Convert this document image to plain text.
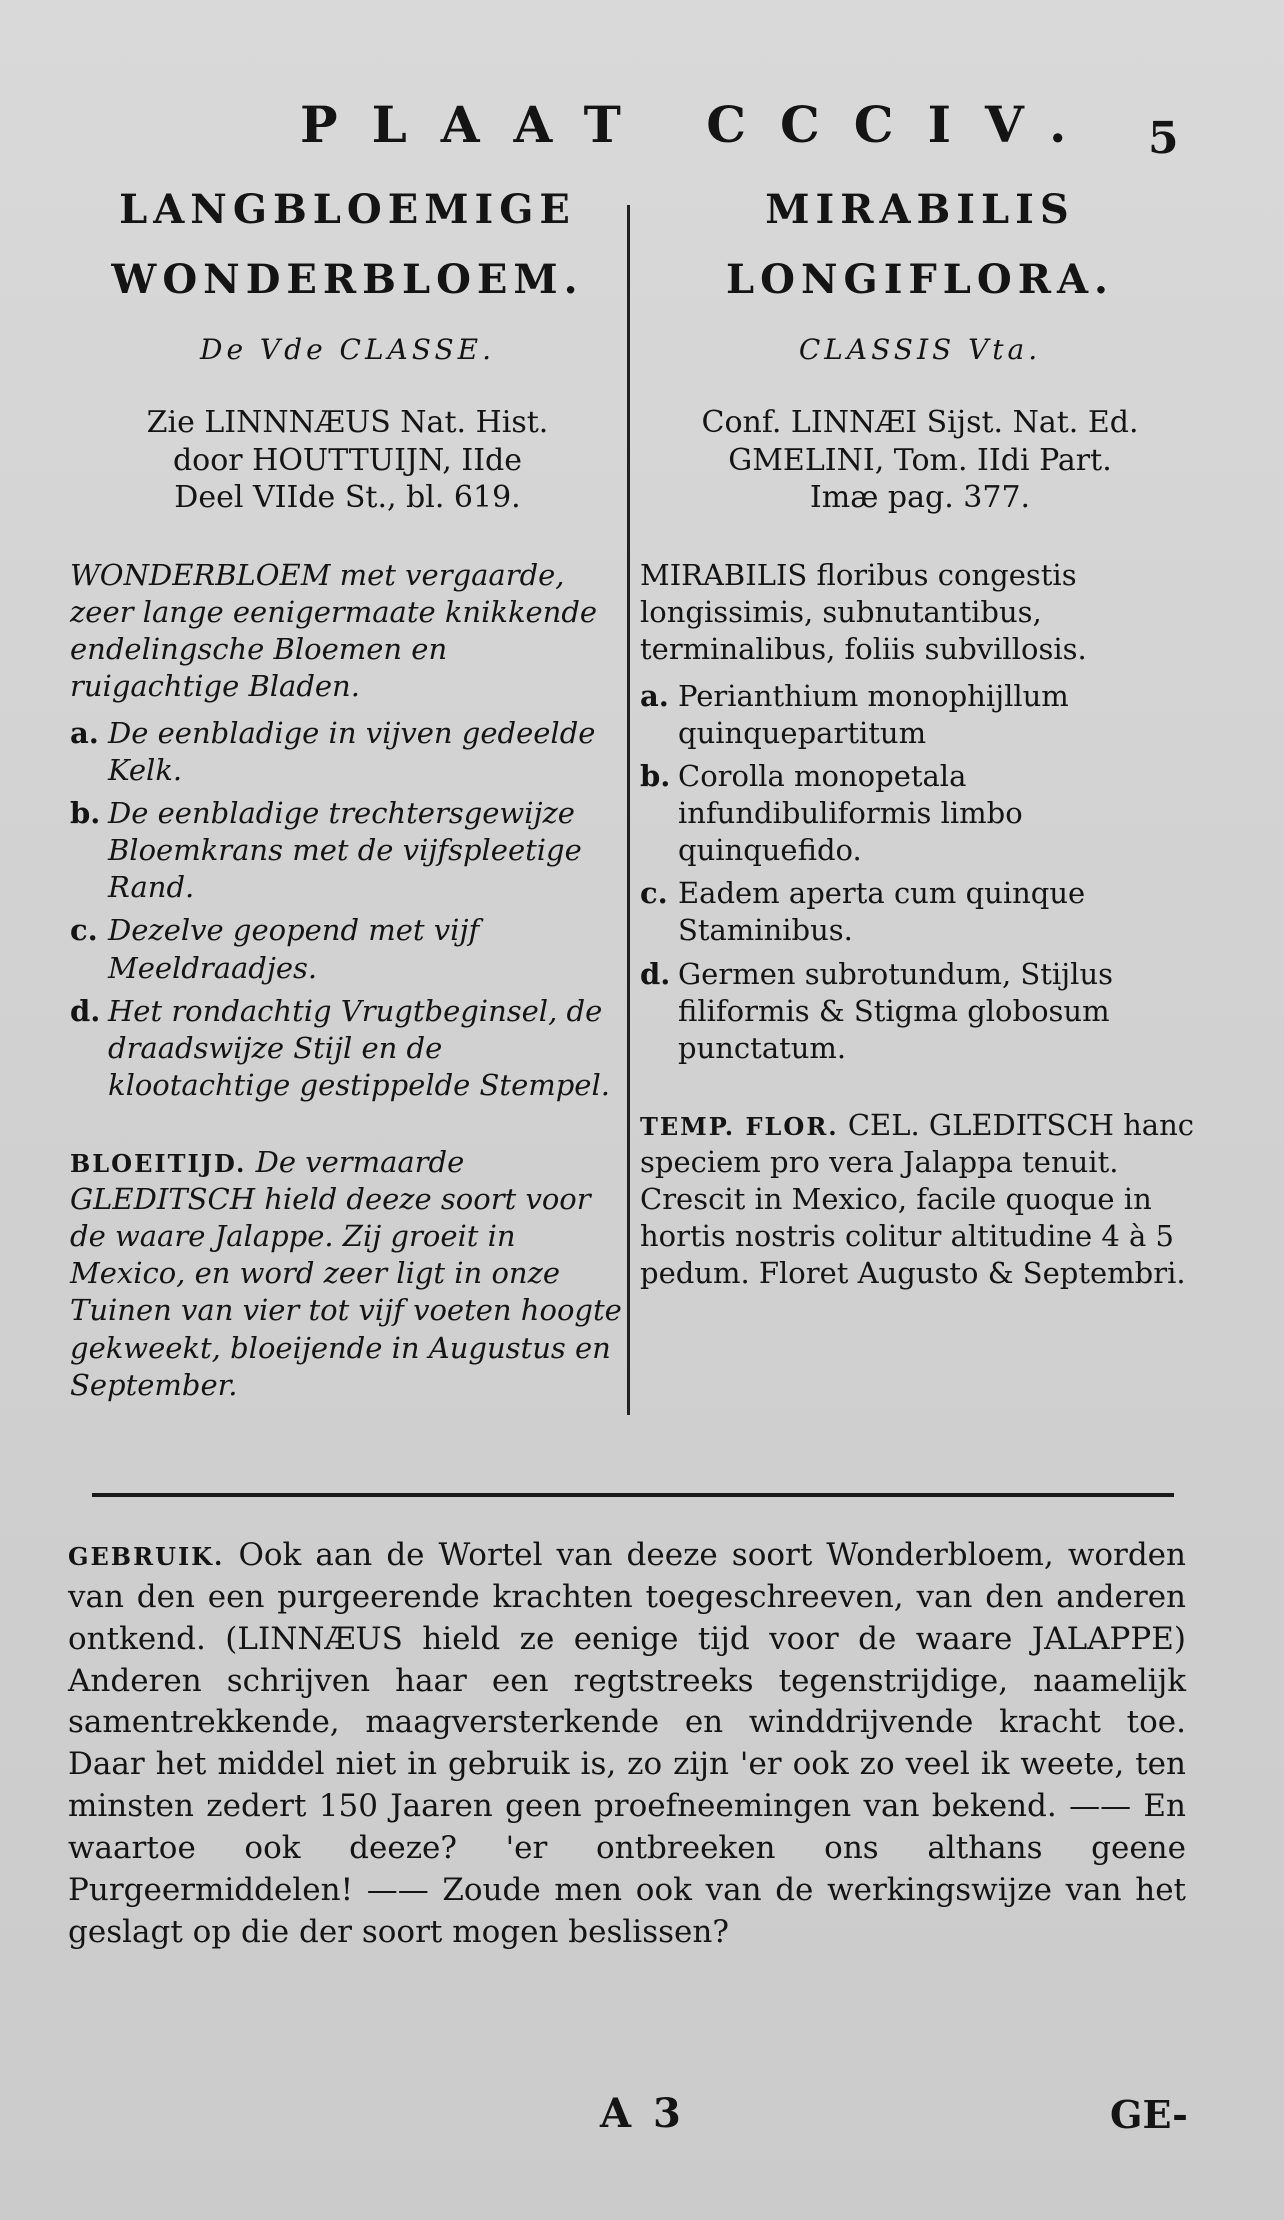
PLAAT CCCIV. 5
LANGBLOEMIGE
WONDERBLOEM.
De Vde CLASSE.
Zie LINNNÆUS Nat. Hist.
door HOUTTUIJN, IIde
Deel VIIde St., bl. 619.
WONDERBLOEM met vergaarde, zeer lange eenigermaate knikkende endelingsche Bloemen en ruigachtige Bladen.
a. De eenbladige in vijven gedeelde Kelk.
b. De eenbladige trechtersgewijze Bloemkrans met de vijfspleetige Rand.
c. Dezelve geopend met vijf Meeldraadjes.
d. Het rondachtig Vrugtbeginsel, de draadswijze Stijl en de klootachtige gestippelde Stempel.
BLOEITIJD. De vermaarde GLEDITSCH hield deeze soort voor de waare Jalappe. Zij groeit in Mexico, en word zeer ligt in onze Tuinen van vier tot vijf voeten hoogte gekweekt, bloeijende in Augustus en September.
MIRABILIS
LONGIFLORA.
CLASSIS Vta.
Conf. LINNÆI Sijst. Nat. Ed.
GMELINI, Tom. IIdi Part.
Imæ pag. 377.
MIRABILIS floribus congestis longissimis, subnutantibus, terminalibus, foliis subvillosis.
a. Perianthium monophijllum quinquepartitum
b. Corolla monopetala infundibuliformis limbo quinquefido.
c. Eadem aperta cum quinque Staminibus.
d. Germen subrotundum, Stijlus filiformis & Stigma globosum punctatum.
TEMP. FLOR. CEL. GLEDITSCH hanc speciem pro vera Jalappa tenuit. Crescit in Mexico, facile quoque in hortis nostris colitur altitudine 4 à 5 pedum. Floret Augusto & Septembri.
GEBRUIK. Ook aan de Wortel van deeze soort Wonderbloem, worden van den een purgeerende krachten toegeschreeven, van den anderen ontkend. (LINNÆUS hield ze eenige tijd voor de waare JALAPPE) Anderen schrijven haar een regtstreeks tegenstrijdige, naamelijk samentrekkende, maagversterkende en winddrijvende kracht toe. Daar het middel niet in gebruik is, zo zijn 'er ook zo veel ik weete, ten minsten zedert 150 Jaaren geen proefneemingen van bekend. —— En waartoe ook deeze? 'er ontbreeken ons althans geene Purgeermiddelen! —— Zoude men ook van de werkingswijze van het geslagt op die der soort mogen beslissen?
A 3	GE-
